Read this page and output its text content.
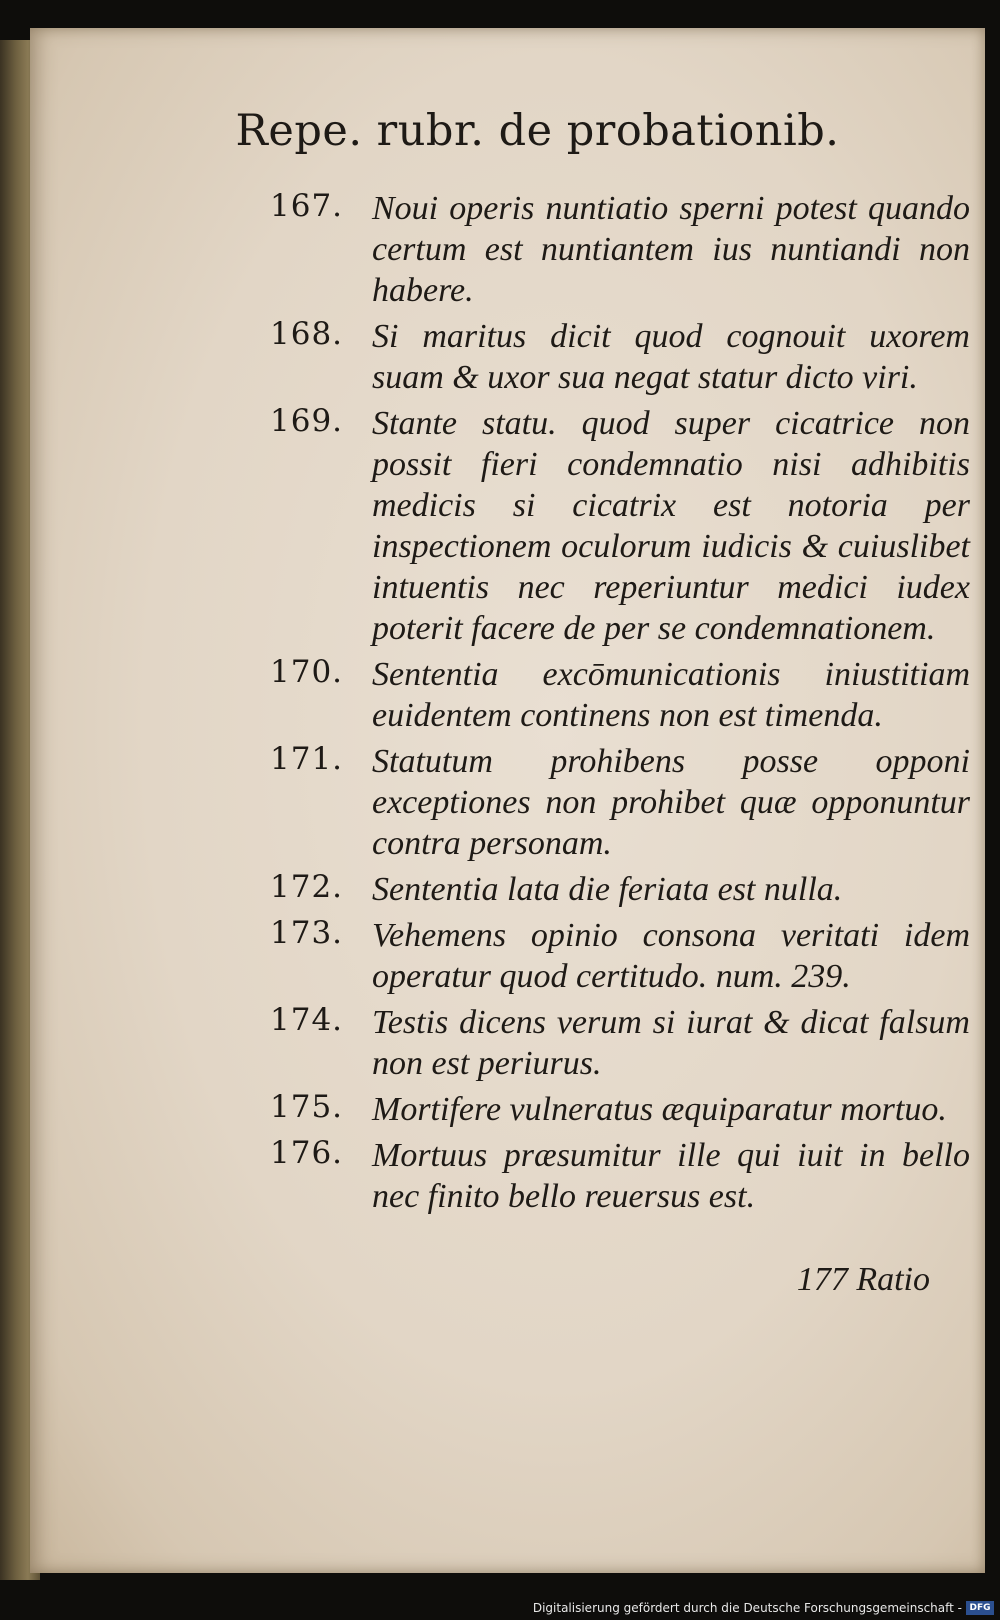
Repe. rubr. de probationib.
167. Noui operis nuntiatio sperni potest quando certum est nuntiantem ius nuntiandi non habere.
168. Si maritus dicit quod cognouit uxorem suam & uxor sua negat statur dicto viri.
169. Stante statu. quod super cicatrice non possit fieri condemnatio nisi adhibitis medicis si cicatrix est notoria per inspectionem oculorum iudicis & cuiuslibet intuentis nec reperiuntur medici iudex poterit facere de per se condemnationem.
170. Sententia excōmunicationis iniustitiam euidentem continens non est timenda.
171. Statutum prohibens posse opponi exceptiones non prohibet quæ opponuntur contra personam.
172. Sententia lata die feriata est nulla.
173. Vehemens opinio consona veritati idem operatur quod certitudo. num. 239.
174. Testis dicens verum si iurat & dicat falsum non est periurus.
175. Mortifere vulneratus æquiparatur mortuo.
176. Mortuus præsumitur ille qui iuit in bello nec finito bello reuersus est.
177 Ratio
Digitalisierung gefördert durch die Deutsche Forschungsgemeinschaft - DFG
